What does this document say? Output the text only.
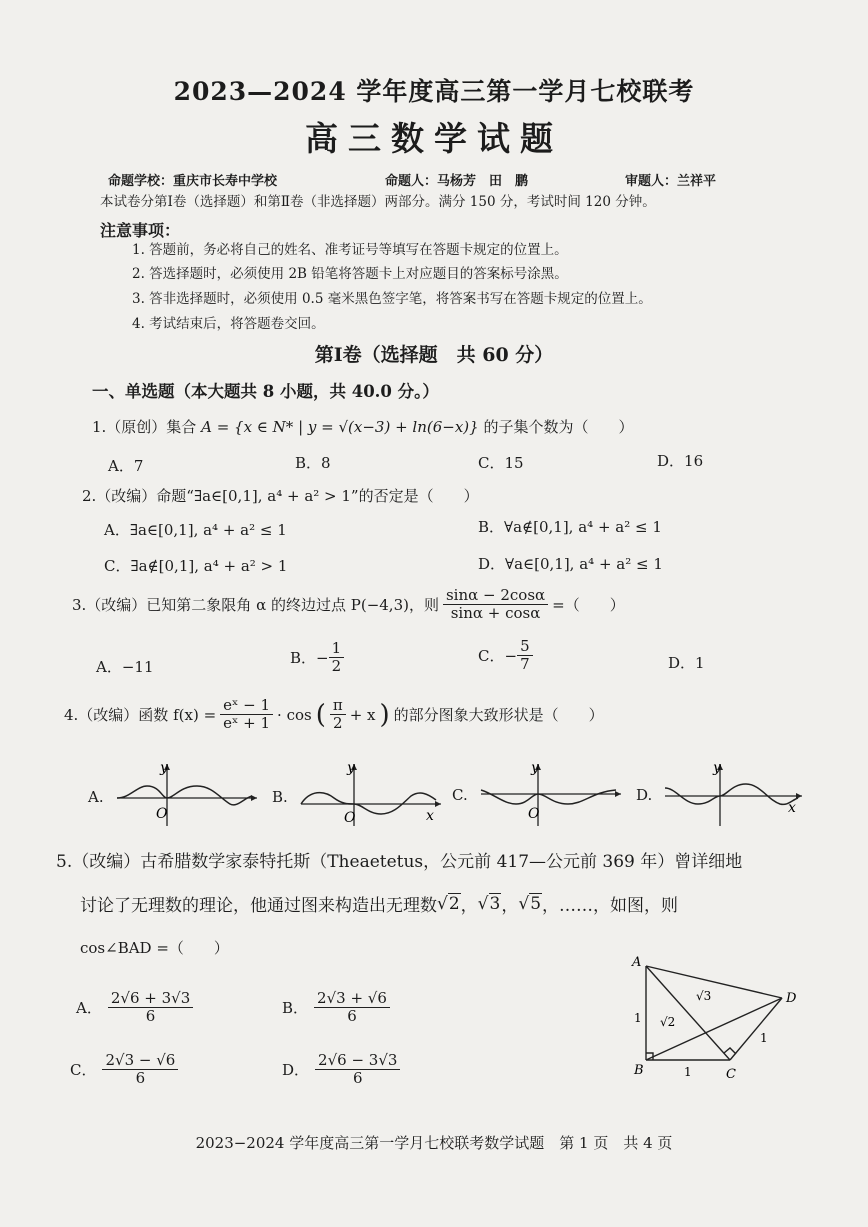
2023—2024 学年度高三第一学月七校联考
高三数学试题
命题学校：重庆市长寿中学校	命题人：马杨芳　田　鹏	审题人：兰祥平
本试卷分第Ⅰ卷（选择题）和第Ⅱ卷（非选择题）两部分。满分 150 分，考试时间 120 分钟。
注意事项：
1. 答题前，务必将自己的姓名、准考证号等填写在答题卡规定的位置上。
2. 答选择题时，必须使用 2B 铅笔将答题卡上对应题目的答案标号涂黑。
3. 答非选择题时，必须使用 0.5 毫米黑色签字笔，将答案书写在答题卡规定的位置上。
4. 考试结束后，将答题卷交回。
第Ⅰ卷（选择题　共 60 分）
一、单选题（本大题共 8 小题，共 40.0 分。）
1.（原创）集合 A = {x ∈ N* | y = √(x−3) + ln(6−x)} 的子集个数为（　　）
A．7	B．8	C．15	D．16
2.（改编）命题“∃a∈[0,1], a⁴ + a² > 1”的否定是（　　）
A．∃a∈[0,1], a⁴ + a² ≤ 1	B．∀a∉[0,1], a⁴ + a² ≤ 1
C．∃a∉[0,1], a⁴ + a² > 1	D．∀a∈[0,1], a⁴ + a² ≤ 1
3.（改编）已知第二象限角 α 的终边过点 P(−4,3)，则 $\frac{\sin\alpha - 2\cos\alpha}{\sin\alpha + \cos\alpha}$ =（　　）
A．−11	B． − $\frac{1}{2}$	C． − $\frac{5}{7}$	D．1
4.（改编）函数 $f(x) = \frac{\text{eˣ − 1}}{\text{eˣ + 1}} \cdot \cos$ ( $\frac{\pi}{2} + x$ ) 的部分图象大致形状是（　　）
A.
y
O
B.
y
O	x
C.
y
O
D.
y
x
5.（改编）古希腊数学家泰特托斯（Theaetetus，公元前 417—公元前 369 年）曾详细地
讨论了无理数的理论，他通过图来构造出无理数 √ 2 ， √ 3 ， √ 5 ，……，如图，则
cos∠BAD =（　　）
A． $\frac{2√6 + 3√3}{6}$	B． $\frac{2√3 + √6}{6}$
C． $\frac{2√3 - √6}{6}$	D． $\frac{2√6 - 3√3}{6}$
A
B	C
D
1 √2
√3
1
1
2023−2024 学年度高三第一学月七校联考数学试题　第 1 页　共 4 页
